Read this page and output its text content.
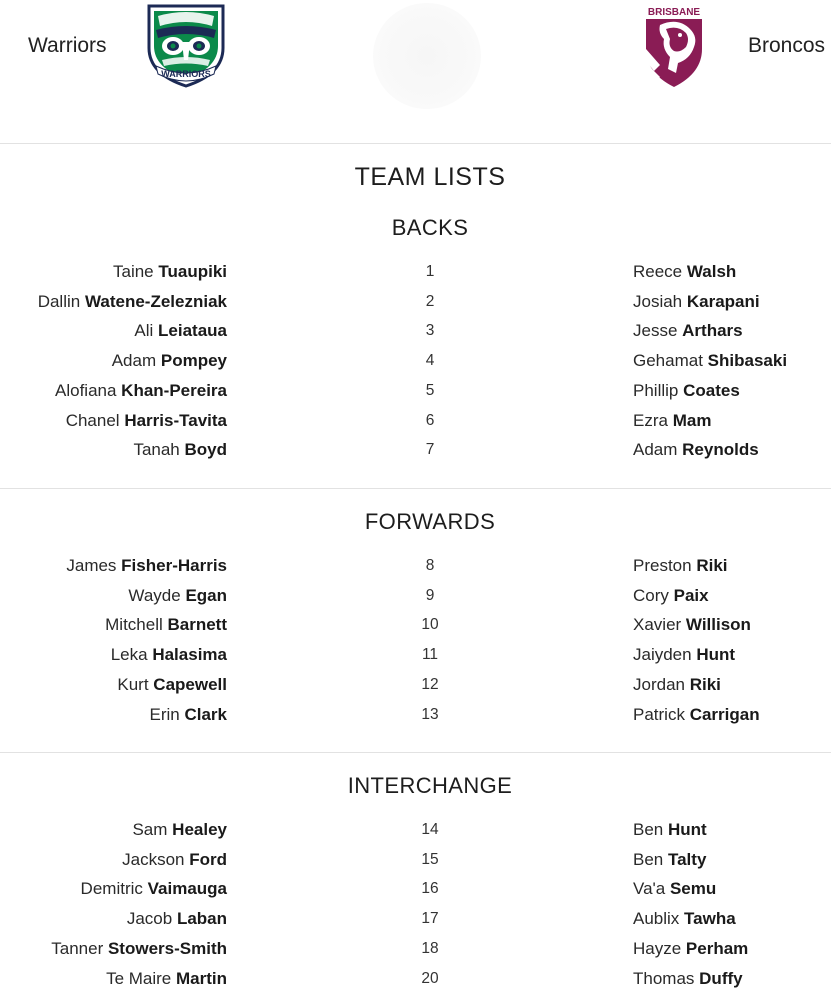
Warriors
WARRIORS
BRISBANE
Broncos
TEAM LISTS
BACKS
Taine Tuaupiki	1	Reece Walsh
Dallin Watene-Zelezniak	2	Josiah Karapani
Ali Leiataua	3	Jesse Arthars
Adam Pompey	4	Gehamat Shibasaki
Alofiana Khan-Pereira	5	Phillip Coates
Chanel Harris-Tavita	6	Ezra Mam
Tanah Boyd	7	Adam Reynolds
FORWARDS
James Fisher-Harris	8	Preston Riki
Wayde Egan	9	Cory Paix
Mitchell Barnett	10	Xavier Willison
Leka Halasima	11	Jaiyden Hunt
Kurt Capewell	12	Jordan Riki
Erin Clark	13	Patrick Carrigan
INTERCHANGE
Sam Healey	14	Ben Hunt
Jackson Ford	15	Ben Talty
Demitric Vaimauga	16	Va'a Semu
Jacob Laban	17	Aublix Tawha
Tanner Stowers-Smith	18	Hayze Perham
Te Maire Martin	20	Thomas Duffy
